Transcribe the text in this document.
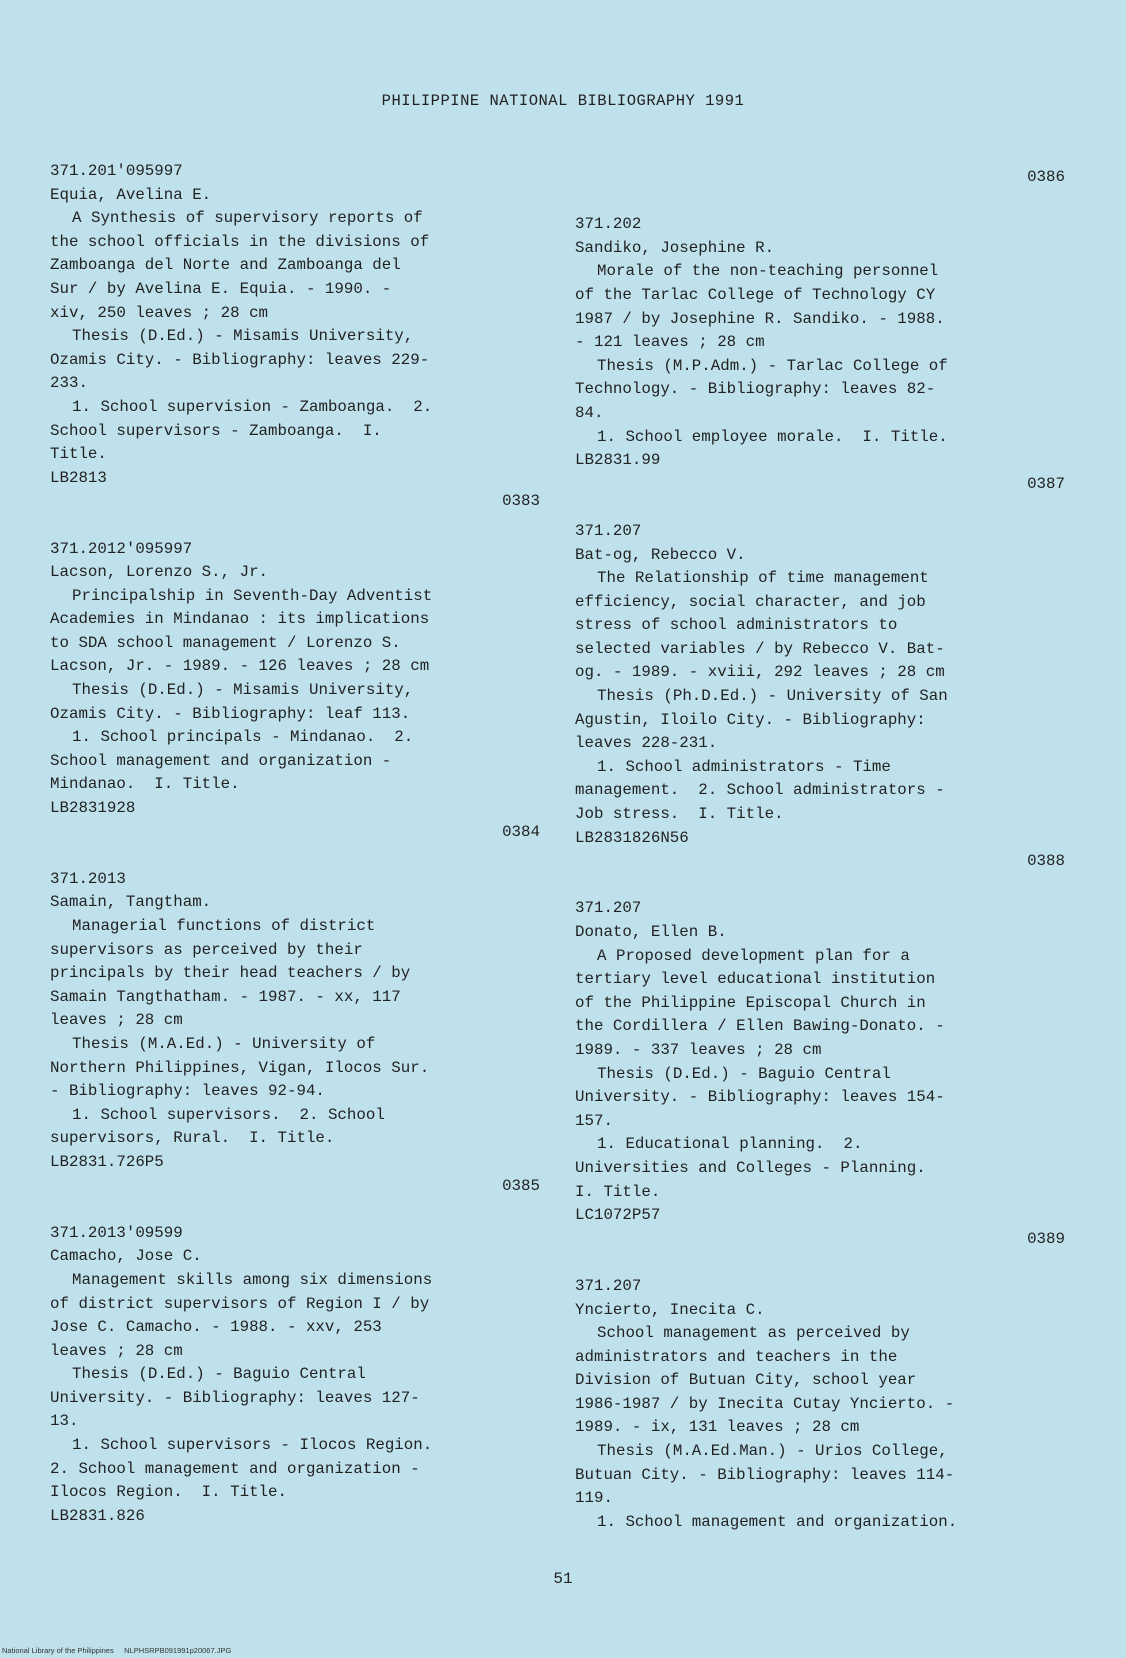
PHILIPPINE NATIONAL BIBLIOGRAPHY 1991
371.201'095997
Equia, Avelina E.
A Synthesis of supervisory reports of
the school officials in the divisions of
Zamboanga del Norte and Zamboanga del
Sur / by Avelina E. Equia. - 1990. -
xiv, 250 leaves ; 28 cm
Thesis (D.Ed.) - Misamis University,
Ozamis City. - Bibliography: leaves 229-
233.
1. School supervision - Zamboanga.  2.
School supervisors - Zamboanga.  I.
Title.
LB2813
0383
371.2012'095997
Lacson, Lorenzo S., Jr.
Principalship in Seventh-Day Adventist
Academies in Mindanao : its implications
to SDA school management / Lorenzo S.
Lacson, Jr. - 1989. - 126 leaves ; 28 cm
Thesis (D.Ed.) - Misamis University,
Ozamis City. - Bibliography: leaf 113.
1. School principals - Mindanao.  2.
School management and organization -
Mindanao.  I. Title.
LB2831928
0384
371.2013
Samain, Tangtham.
Managerial functions of district
supervisors as perceived by their
principals by their head teachers / by
Samain Tangthatham. - 1987. - xx, 117
leaves ; 28 cm
Thesis (M.A.Ed.) - University of
Northern Philippines, Vigan, Ilocos Sur.
- Bibliography: leaves 92-94.
1. School supervisors.  2. School
supervisors, Rural.  I. Title.
LB2831.726P5
0385
371.2013'09599
Camacho, Jose C.
Management skills among six dimensions
of district supervisors of Region I / by
Jose C. Camacho. - 1988. - xxv, 253
leaves ; 28 cm
Thesis (D.Ed.) - Baguio Central
University. - Bibliography: leaves 127-
13.
1. School supervisors - Ilocos Region.
2. School management and organization -
Ilocos Region.  I. Title.
LB2831.826
0386
371.202
Sandiko, Josephine R.
Morale of the non-teaching personnel
of the Tarlac College of Technology CY
1987 / by Josephine R. Sandiko. - 1988.
- 121 leaves ; 28 cm
Thesis (M.P.Adm.) - Tarlac College of
Technology. - Bibliography: leaves 82-
84.
1. School employee morale.  I. Title.
LB2831.99
0387
371.207
Bat-og, Rebecco V.
The Relationship of time management
efficiency, social character, and job
stress of school administrators to
selected variables / by Rebecco V. Bat-
og. - 1989. - xviii, 292 leaves ; 28 cm
Thesis (Ph.D.Ed.) - University of San
Agustin, Iloilo City. - Bibliography:
leaves 228-231.
1. School administrators - Time
management.  2. School administrators -
Job stress.  I. Title.
LB2831826N56
0388
371.207
Donato, Ellen B.
A Proposed development plan for a
tertiary level educational institution
of the Philippine Episcopal Church in
the Cordillera / Ellen Bawing-Donato. -
1989. - 337 leaves ; 28 cm
Thesis (D.Ed.) - Baguio Central
University. - Bibliography: leaves 154-
157.
1. Educational planning.  2.
Universities and Colleges - Planning.
I. Title.
LC1072P57
0389
371.207
Yncierto, Inecita C.
School management as perceived by
administrators and teachers in the
Division of Butuan City, school year
1986-1987 / by Inecita Cutay Yncierto. -
1989. - ix, 131 leaves ; 28 cm
Thesis (M.A.Ed.Man.) - Urios College,
Butuan City. - Bibliography: leaves 114-
119.
1. School management and organization.
51
National Library of the Philippines     NLPHSRPB091991p20067.JPG
